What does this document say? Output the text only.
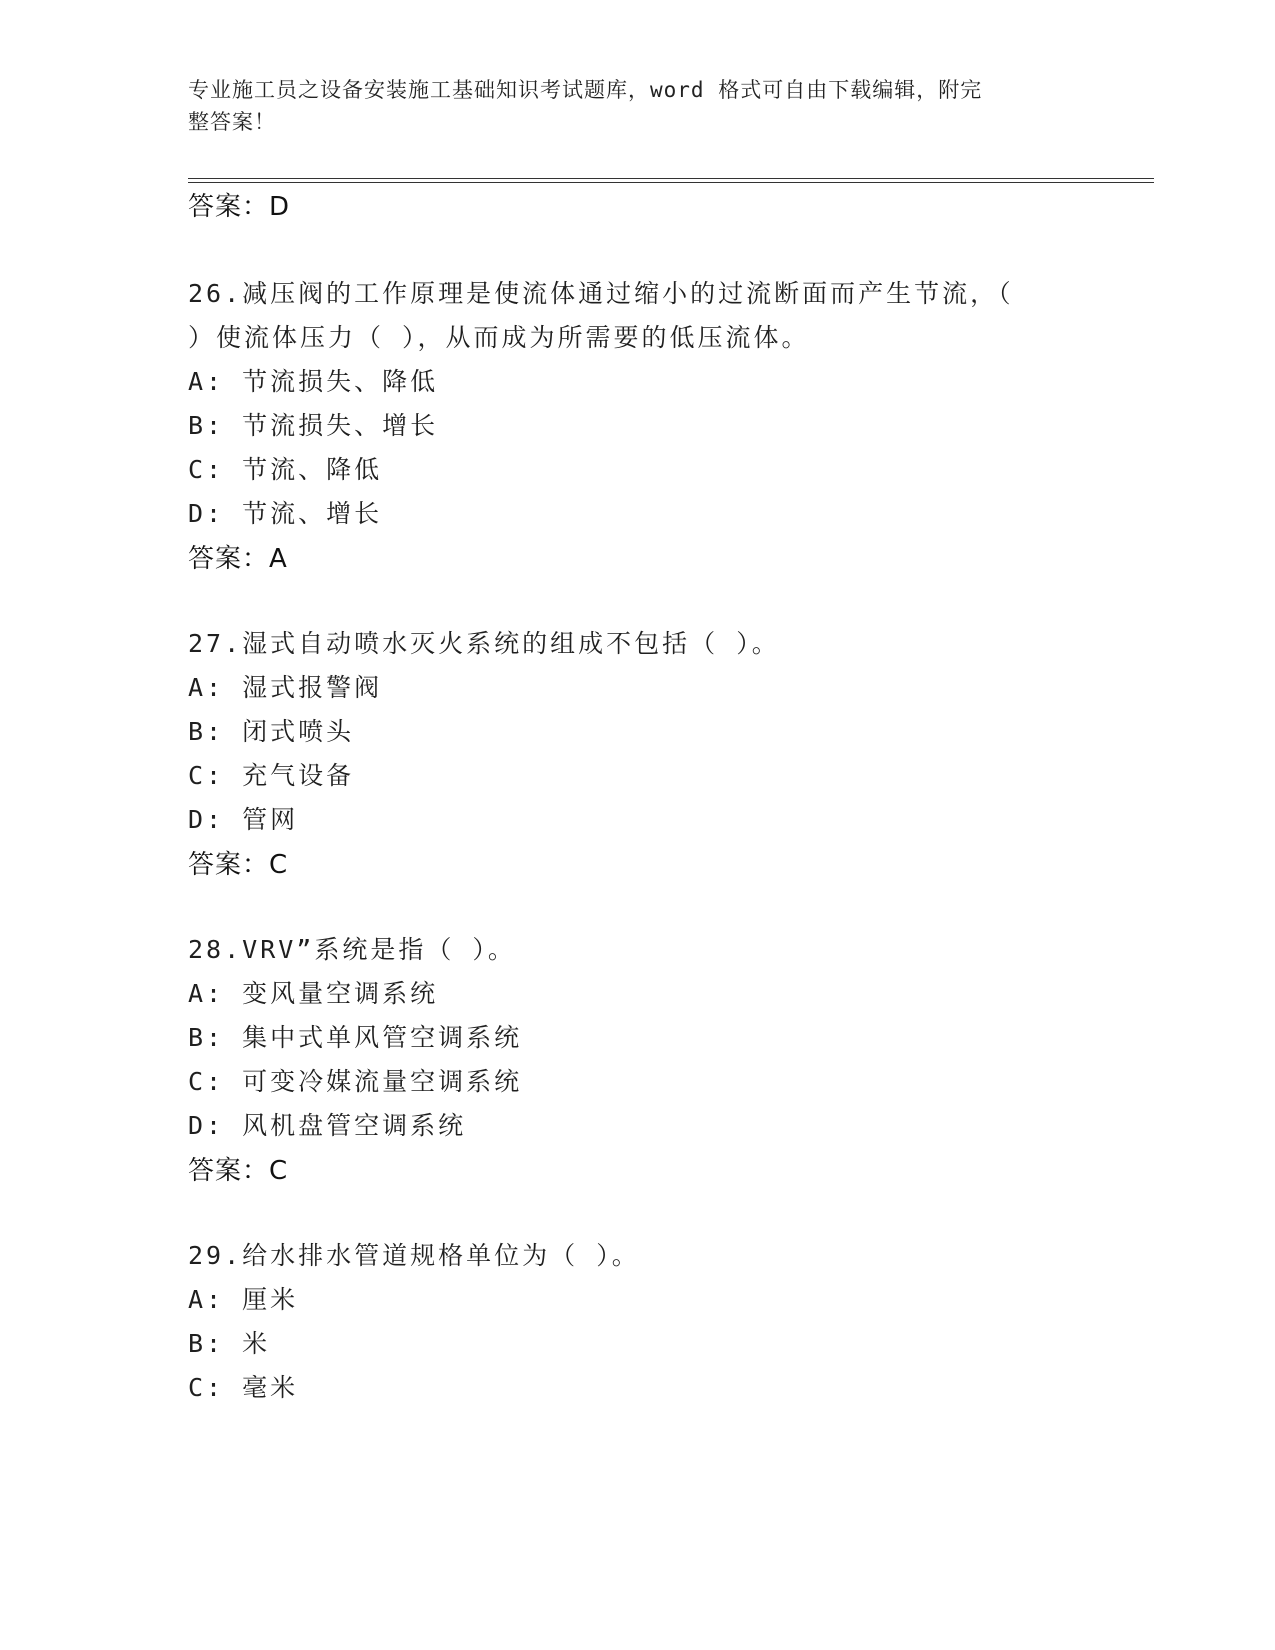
专业施工员之设备安装施工基础知识考试题库，word 格式可自由下载编辑，附完
整答案！
答案：D
26.减压阀的工作原理是使流体通过缩小的过流断面而产生节流，（
）使流体压力（ ），从而成为所需要的低压流体。
A: 节流损失、降低
B: 节流损失、增长
C: 节流、降低
D: 节流、增长
答案：A
27.湿式自动喷水灭火系统的组成不包括（ ）。
A: 湿式报警阀
B: 闭式喷头
C: 充气设备
D: 管网
答案：C
28.VRV”系统是指（ ）。
A: 变风量空调系统
B: 集中式单风管空调系统
C: 可变冷媒流量空调系统
D: 风机盘管空调系统
答案：C
29.给水排水管道规格单位为（ ）。
A: 厘米
B: 米
C: 毫米
